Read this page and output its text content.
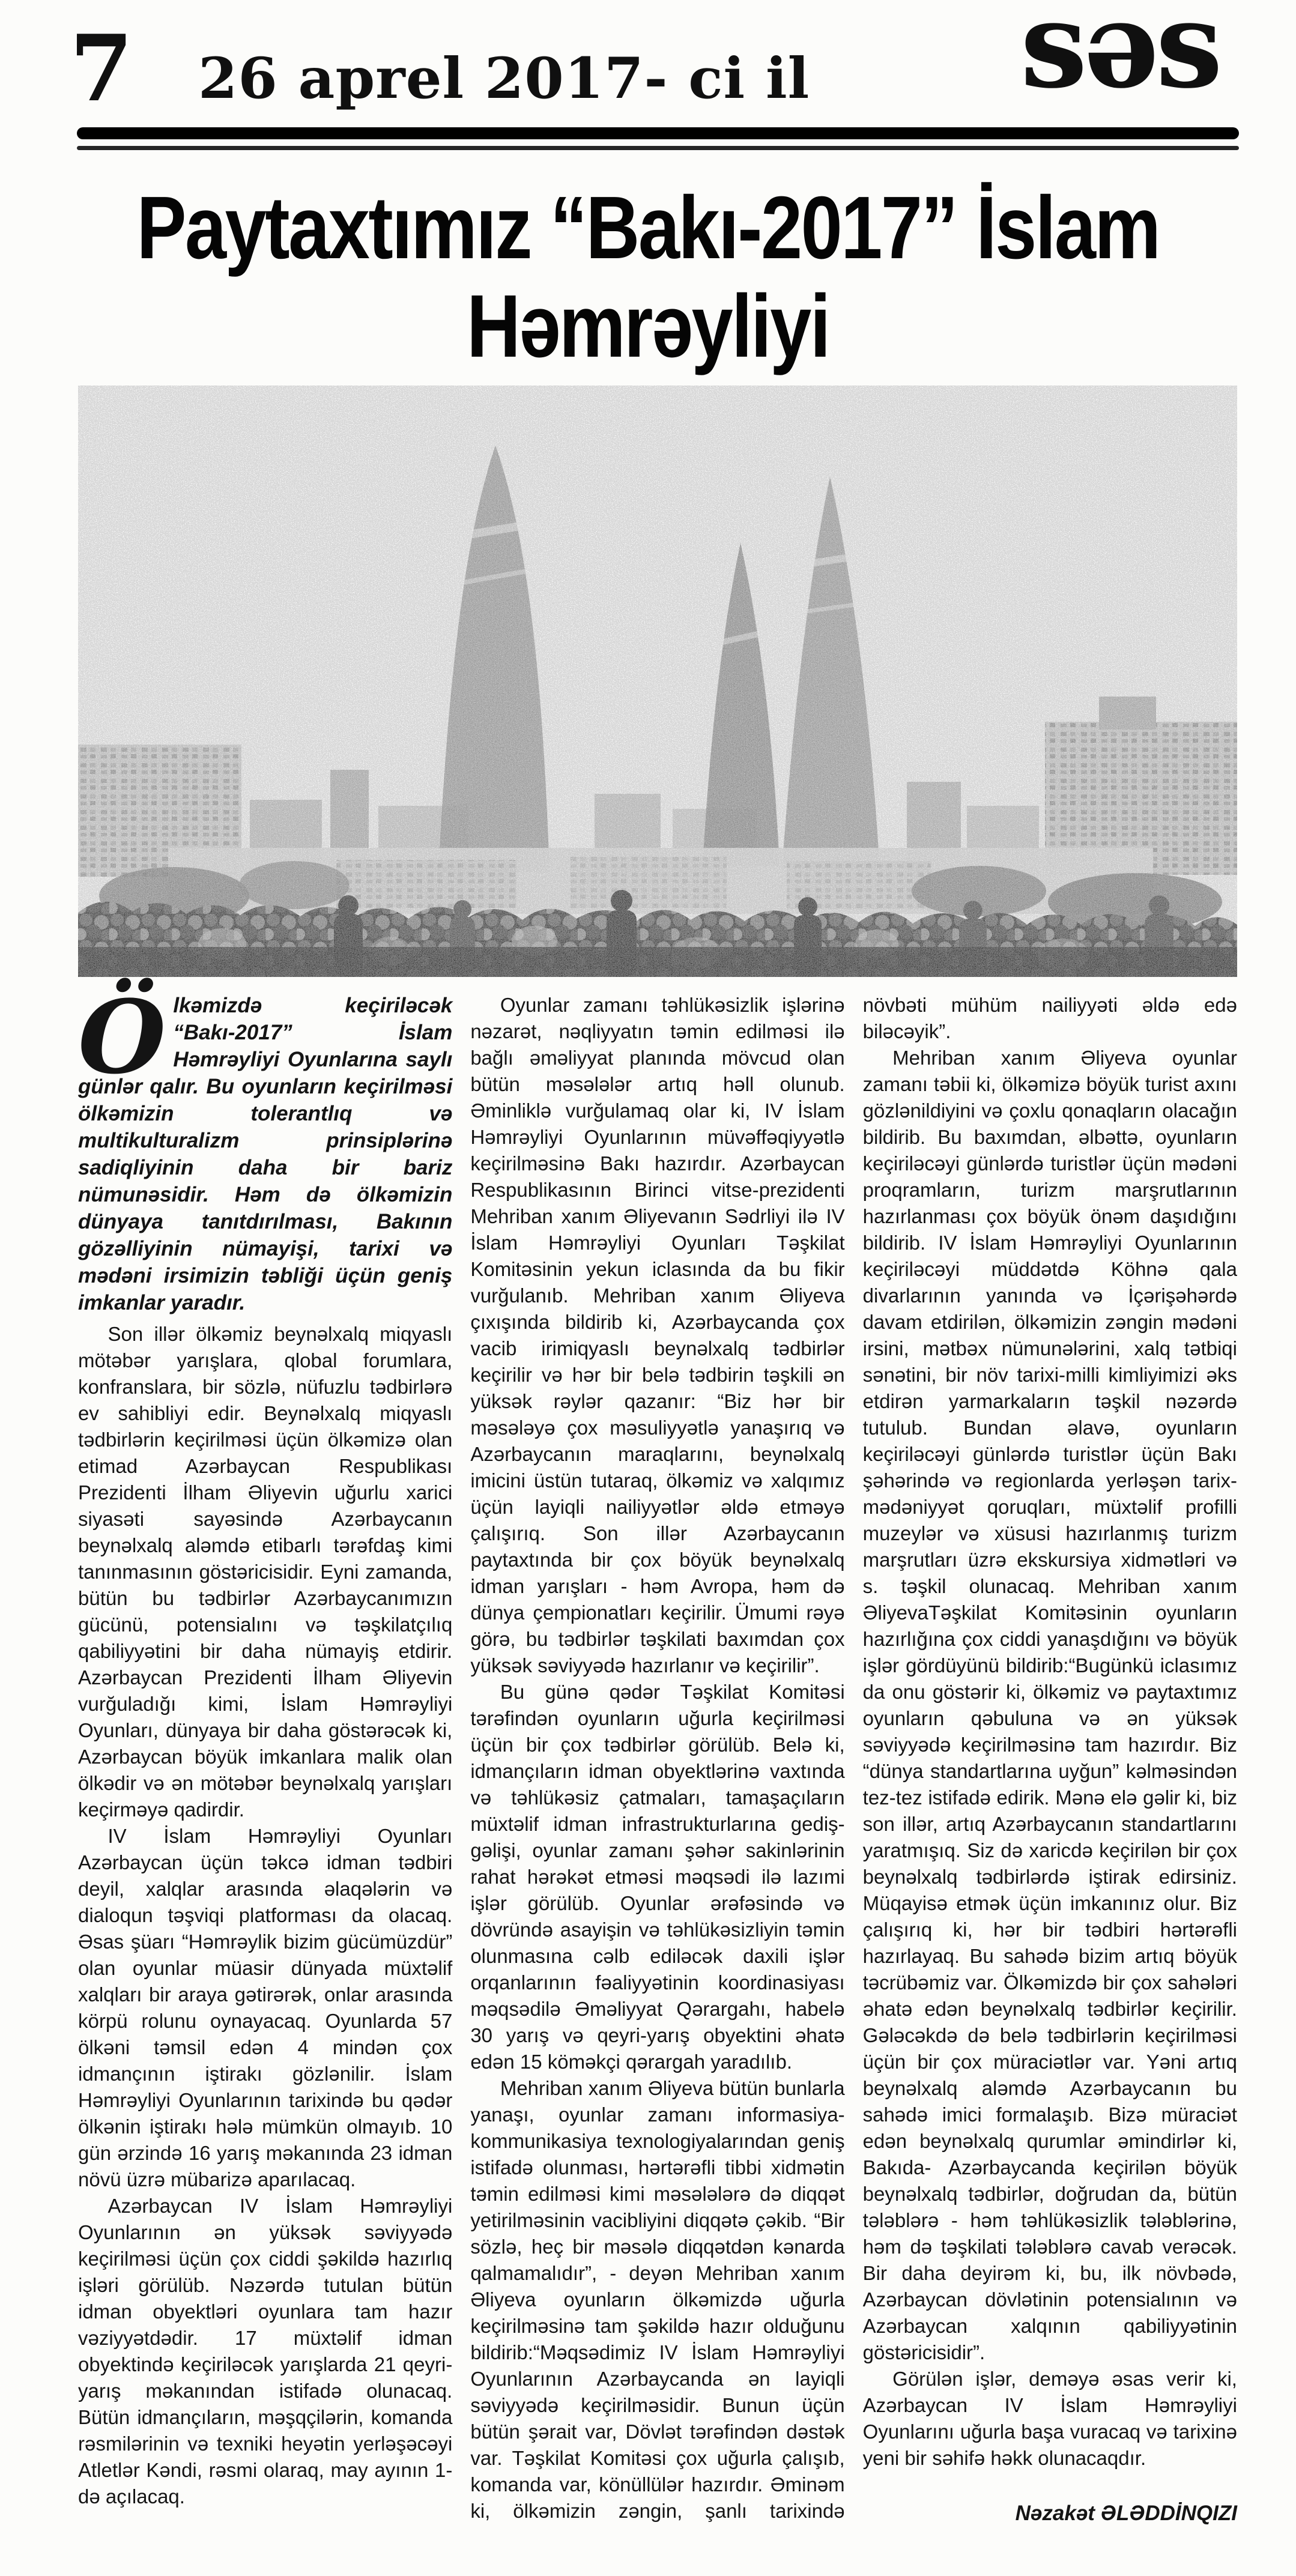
7 26 aprel 2017- ci il səs
Paytaxtımız “Bakı-2017” İslam Həmrəyliyi

Ölkəmizdə keçiriləcək “Bakı-2017” İslam Həmrəyliyi Oyunlarına saylı günlər qalır. Bu oyunların keçirilməsi ölkəmizin tolerantlıq və multikulturalizm prinsiplərinə sadiqliyinin daha bir bariz nümunəsidir. Həm də ölkəmizin dünyaya tanıtdırılması, Bakının gözəlliyinin nümayişi, tarixi və mədəni irsimizin təbliği üçün geniş imkanlar yaradır.

Son illər ölkəmiz beynəlxalq miqyaslı mötəbər yarışlara, qlobal forumlara, konfranslara, bir sözlə, nüfuzlu tədbirlərə ev sahibliyi edir. Beynəlxalq miqyaslı tədbirlərin keçirilməsi üçün ölkəmizə olan etimad Azərbaycan Respublikası Prezidenti İlham Əliyevin uğurlu xarici siyasəti sayəsində Azərbaycanın beynəlxalq aləmdə etibarlı tərəfdaş kimi tanınmasının göstəricisidir. Eyni zamanda, bütün bu tədbirlər Azərbaycanımızın gücünü, potensialını və təşkilatçılıq qabiliyyətini bir daha nümayiş etdirir. Azərbaycan Prezidenti İlham Əliyevin vurğuladığı kimi, İslam Həmrəyliyi Oyunları, dünyaya bir daha göstərəcək ki, Azərbaycan böyük imkanlara malik olan ölkədir və ən mötəbər beynəlxalq yarışları keçirməyə qadirdir.

IV İslam Həmrəyliyi Oyunları Azərbaycan üçün təkcə idman tədbiri deyil, xalqlar arasında əlaqələrin və dialoqun təşviqi platforması da olacaq. Əsas şüarı “Həmrəylik bizim gücümüzdür” olan oyunlar müasir dünyada müxtəlif xalqları bir araya gətirərək, onlar arasında körpü rolunu oynayacaq. Oyunlarda 57 ölkəni təmsil edən 4 mindən çox idmançının iştirakı gözlənilir. İslam Həmrəyliyi Oyunlarının tarixində bu qədər ölkənin iştirakı hələ mümkün olmayıb. 10 gün ərzində 16 yarış məkanında 23 idman növü üzrə mübarizə aparılacaq.

Azərbaycan IV İslam Həmrəyliyi Oyunlarının ən yüksək səviyyədə keçirilməsi üçün çox ciddi şəkildə hazırlıq işləri görülüb. Nəzərdə tutulan bütün idman obyektləri oyunlara tam hazır vəziyyətdədir. 17 müxtəlif idman obyektində keçiriləcək yarışlarda 21 qeyri-yarış məkanından istifadə olunacaq. Bütün idmançıların, məşqçilərin, komanda rəsmilərinin və texniki heyətin yerləşəcəyi Atletlər Kəndi, rəsmi olaraq, may ayının 1-də açılacaq.

Oyunlar zamanı təhlükəsizlik işlərinə nəzarət, nəqliyyatın təmin edilməsi ilə bağlı əməliyyat planında mövcud olan bütün məsələlər artıq həll olunub. Əminliklə vurğulamaq olar ki, IV İslam Həmrəyliyi Oyunlarının müvəffəqiyyətlə keçirilməsinə Bakı hazırdır. Azərbaycan Respublikasının Birinci vitse-prezidenti Mehriban xanım Əliyevanın Sədrliyi ilə IV İslam Həmrəyliyi Oyunları Təşkilat Komitəsinin yekun iclasında da bu fikir vurğulanıb. Mehriban xanım Əliyeva çıxışında bildirib ki, Azərbaycanda çox vacib irimiqyaslı beynəlxalq tədbirlər keçirilir və hər bir belə tədbirin təşkili ən yüksək rəylər qazanır: “Biz hər bir məsələyə çox məsuliyyətlə yanaşırıq və Azərbaycanın maraqlarını, beynəlxalq imicini üstün tutaraq, ölkəmiz və xalqımız üçün layiqli nailiyyətlər əldə etməyə çalışırıq. Son illər Azərbaycanın paytaxtında bir çox böyük beynəlxalq idman yarışları - həm Avropa, həm də dünya çempionatları keçirilir. Ümumi rəyə görə, bu tədbirlər təşkilati baxımdan çox yüksək səviyyədə hazırlanır və keçirilir”.

Bu günə qədər Təşkilat Komitəsi tərəfindən oyunların uğurla keçirilməsi üçün bir çox tədbirlər görülüb. Belə ki, idmançıların idman obyektlərinə vaxtında və təhlükəsiz çatmaları, tamaşaçıların müxtəlif idman infrastrukturlarına gediş-gəlişi, oyunlar zamanı şəhər sakinlərinin rahat hərəkət etməsi məqsədi ilə lazımi işlər görülüb. Oyunlar ərəfəsində və dövründə asayişin və təhlükəsizliyin təmin olunmasına cəlb ediləcək daxili işlər orqanlarının fəaliyyətinin koordinasiyası məqsədilə Əməliyyat Qərargahı, habelə 30 yarış və qeyri-yarış obyektini əhatə edən 15 köməkçi qərargah yaradılıb.

Mehriban xanım Əliyeva bütün bunlarla yanaşı, oyunlar zamanı informasiya-kommunikasiya texnologiyalarından geniş istifadə olunması, hərtərəfli tibbi xidmətin təmin edilməsi kimi məsələlərə də diqqət yetirilməsinin vacibliyini diqqətə çəkib. “Bir sözlə, heç bir məsələ diqqətdən kənarda qalmamalıdır”, - deyən Mehriban xanım Əliyeva oyunların ölkəmizdə uğurla keçirilməsinə tam şəkildə hazır olduğunu bildirib:“Məqsədimiz IV İslam Həmrəyliyi Oyunlarının Azərbaycanda ən layiqli səviyyədə keçirilməsidir. Bunun üçün bütün şərait var, Dövlət tərəfindən dəstək var. Təşkilat Komitəsi çox uğurla çalışıb, komanda var, könüllülər hazırdır. Əminəm ki, ölkəmizin zəngin, şanlı tarixində növbəti mühüm nailiyyəti əldə edə biləcəyik”.

Mehriban xanım Əliyeva oyunlar zamanı təbii ki, ölkəmizə böyük turist axını gözlənildiyini və çoxlu qonaqların olacağın bildirib. Bu baxımdan, əlbəttə, oyunların keçiriləcəyi günlərdə turistlər üçün mədəni proqramların, turizm marşrutlarının hazırlanması çox böyük önəm daşıdığını bildirib. IV İslam Həmrəyliyi Oyunlarının keçiriləcəyi müddətdə Köhnə qala divarlarının yanında və İçərişəhərdə davam etdirilən, ölkəmizin zəngin mədəni irsini, mətbəx nümunələrini, xalq tətbiqi sənətini, bir növ tarixi-milli kimliyimizi əks etdirən yarmarkaların təşkil nəzərdə tutulub. Bundan əlavə, oyunların keçiriləcəyi günlərdə turistlər üçün Bakı şəhərində və regionlarda yerləşən tarix-mədəniyyət qoruqları, müxtəlif profilli muzeylər və xüsusi hazırlanmış turizm marşrutları üzrə ekskursiya xidmətləri və s. təşkil olunacaq. Mehriban xanım ƏliyevaTəşkilat Komitəsinin oyunların hazırlığına çox ciddi yanaşdığını və böyük işlər gördüyünü bildirib:“Bugünkü iclasımız da onu göstərir ki, ölkəmiz və paytaxtımız oyunların qəbuluna və ən yüksək səviyyədə keçirilməsinə tam hazırdır. Biz “dünya standartlarına uyğun” kəlməsindən tez-tez istifadə edirik. Mənə elə gəlir ki, biz son illər, artıq Azərbaycanın standartlarını yaratmışıq. Siz də xaricdə keçirilən bir çox beynəlxalq tədbirlərdə iştirak edirsiniz. Müqayisə etmək üçün imkanınız olur. Biz çalışırıq ki, hər bir tədbiri hərtərəfli hazırlayaq. Bu sahədə bizim artıq böyük təcrübəmiz var. Ölkəmizdə bir çox sahələri əhatə edən beynəlxalq tədbirlər keçirilir. Gələcəkdə də belə tədbirlərin keçirilməsi üçün bir çox müraciətlər var. Yəni artıq beynəlxalq aləmdə Azərbaycanın bu sahədə imici formalaşıb. Bizə müraciət edən beynəlxalq qurumlar əmindirlər ki, Bakıda- Azərbaycanda keçirilən böyük beynəlxalq tədbirlər, doğrudan da, bütün tələblərə - həm təhlükəsizlik tələblərinə, həm də təşkilati tələblərə cavab verəcək. Bir daha deyirəm ki, bu, ilk növbədə, Azərbaycan dövlətinin potensialının və Azərbaycan xalqının qabiliyyətinin göstəricisidir”.

Görülən işlər, deməyə əsas verir ki, Azərbaycan IV İslam Həmrəyliyi Oyunlarını uğurla başa vuracaq və tarixinə yeni bir səhifə həkk olunacaqdır.

Nəzakət ƏLƏDDİNQIZI
